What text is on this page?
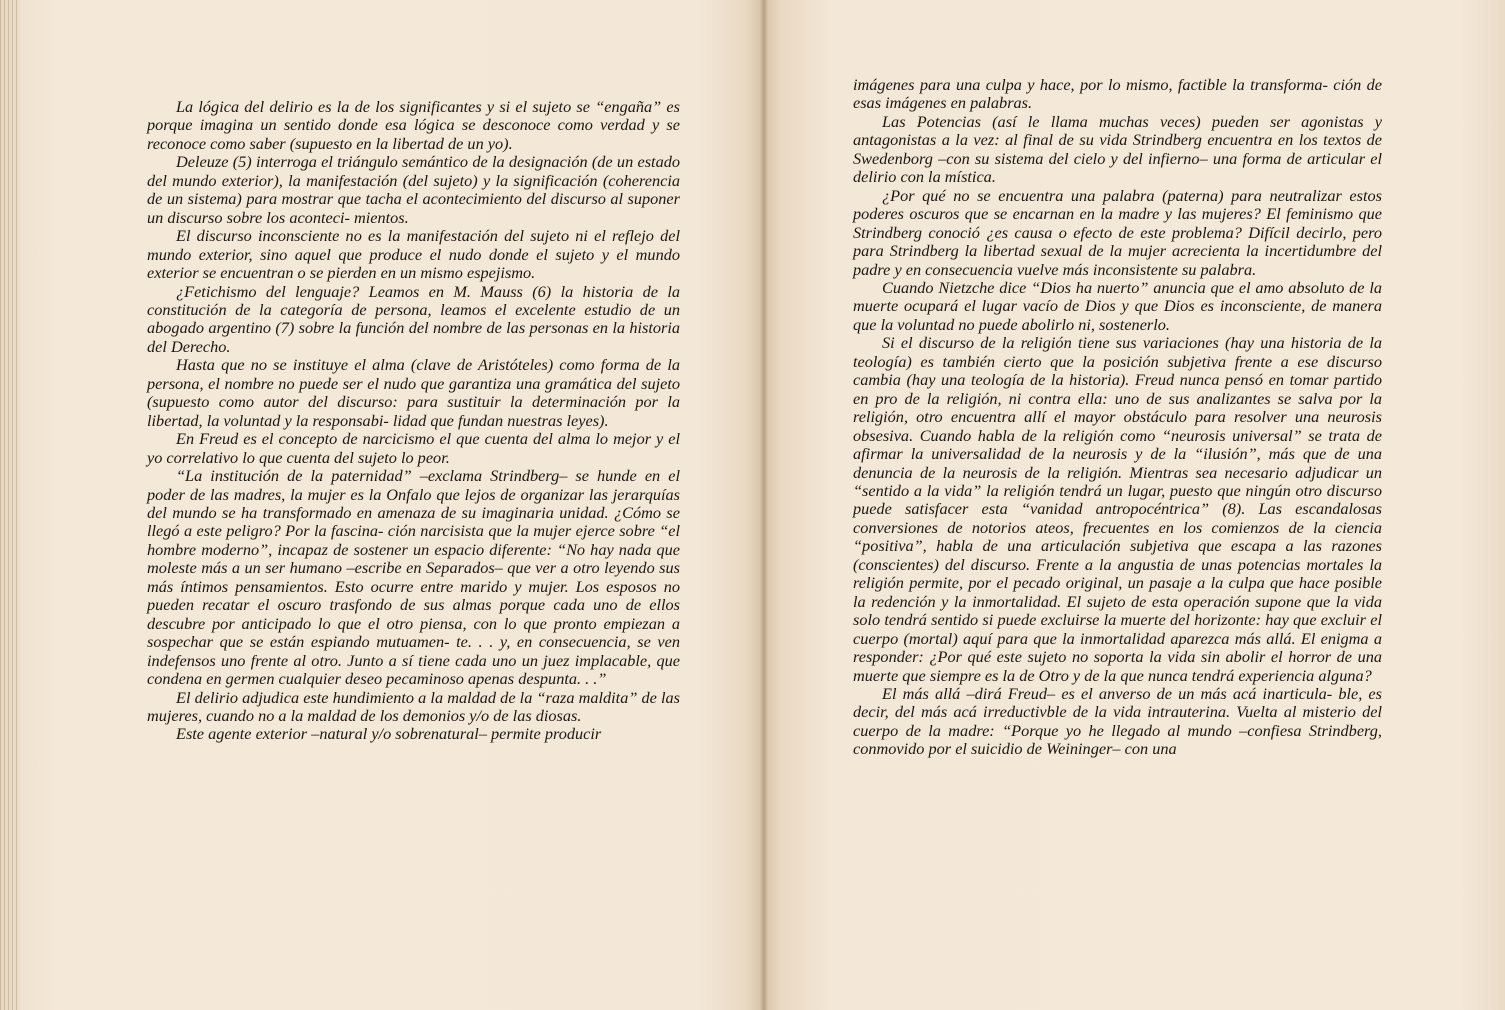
La lógica del delirio es la de los significantes y si el sujeto se “engaña” es porque imagina un sentido donde esa lógica se desconoce como verdad y se reconoce como saber (supuesto en la libertad de un yo).

Deleuze (5) interroga el triángulo semántico de la designación (de un estado del mundo exterior), la manifestación (del sujeto) y la significación (coherencia de un sistema) para mostrar que tacha el acontecimiento del discurso al suponer un discurso sobre los aconteci- mientos.

El discurso inconsciente no es la manifestación del sujeto ni el reflejo del mundo exterior, sino aquel que produce el nudo donde el sujeto y el mundo exterior se encuentran o se pierden en un mismo espejismo.

¿Fetichismo del lenguaje? Leamos en M. Mauss (6) la historia de la constitución de la categoría de persona, leamos el excelente estudio de un abogado argentino (7) sobre la función del nombre de las personas en la historia del Derecho.

Hasta que no se instituye el alma (clave de Aristóteles) como forma de la persona, el nombre no puede ser el nudo que garantiza una gramática del sujeto (supuesto como autor del discurso: para sustituir la determinación por la libertad, la voluntad y la responsabi- lidad que fundan nuestras leyes).

En Freud es el concepto de narcicismo el que cuenta del alma lo mejor y el yo correlativo lo que cuenta del sujeto lo peor.

“La institución de la paternidad” –exclama Strindberg– se hunde en el poder de las madres, la mujer es la Onfalo que lejos de organizar las jerarquías del mundo se ha transformado en amenaza de su imaginaria unidad. ¿Cómo se llegó a este peligro? Por la fascina- ción narcisista que la mujer ejerce sobre “el hombre moderno”, incapaz de sostener un espacio diferente: “No hay nada que moleste más a un ser humano –escribe en Separados– que ver a otro leyendo sus más íntimos pensamientos. Esto ocurre entre marido y mujer. Los esposos no pueden recatar el oscuro trasfondo de sus almas porque cada uno de ellos descubre por anticipado lo que el otro piensa, con lo que pronto empiezan a sospechar que se están espiando mutuamen- te. . . y, en consecuencia, se ven indefensos uno frente al otro. Junto a sí tiene cada uno un juez implacable, que condena en germen cualquier deseo pecaminoso apenas despunta. . .”

El delirio adjudica este hundimiento a la maldad de la “raza maldita” de las mujeres, cuando no a la maldad de los demonios y/o de las diosas.

Este agente exterior –natural y/o sobrenatural– permite producir

imágenes para una culpa y hace, por lo mismo, factible la transforma- ción de esas imágenes en palabras.

Las Potencias (así le llama muchas veces) pueden ser agonistas y antagonistas a la vez: al final de su vida Strindberg encuentra en los textos de Swedenborg –con su sistema del cielo y del infierno– una forma de articular el delirio con la mística.

¿Por qué no se encuentra una palabra (paterna) para neutralizar estos poderes oscuros que se encarnan en la madre y las mujeres? El feminismo que Strindberg conoció ¿es causa o efecto de este problema? Difícil decirlo, pero para Strindberg la libertad sexual de la mujer acrecienta la incertidumbre del padre y en consecuencia vuelve más inconsistente su palabra.

Cuando Nietzche dice “Dios ha nuerto” anuncia que el amo absoluto de la muerte ocupará el lugar vacío de Dios y que Dios es inconsciente, de manera que la voluntad no puede abolirlo ni, sostenerlo.

Si el discurso de la religión tiene sus variaciones (hay una historia de la teología) es también cierto que la posición subjetiva frente a ese discurso cambia (hay una teología de la historia). Freud nunca pensó en tomar partido en pro de la religión, ni contra ella: uno de sus analizantes se salva por la religión, otro encuentra allí el mayor obstáculo para resolver una neurosis obsesiva. Cuando habla de la religión como “neurosis universal” se trata de afirmar la universalidad de la neurosis y de la “ilusión”, más que de una denuncia de la neurosis de la religión. Mientras sea necesario adjudicar un “sentido a la vida” la religión tendrá un lugar, puesto que ningún otro discurso puede satisfacer esta “vanidad antropocéntrica” (8). Las escandalosas conversiones de notorios ateos, frecuentes en los comienzos de la ciencia “positiva”, habla de una articulación subjetiva que escapa a las razones (conscientes) del discurso. Frente a la angustia de unas potencias mortales la religión permite, por el pecado original, un pasaje a la culpa que hace posible la redención y la inmortalidad. El sujeto de esta operación supone que la vida solo tendrá sentido si puede excluirse la muerte del horizonte: hay que excluir el cuerpo (mortal) aquí para que la inmortalidad aparezca más allá. El enigma a responder: ¿Por qué este sujeto no soporta la vida sin abolir el horror de una muerte que siempre es la de Otro y de la que nunca tendrá experiencia alguna?

El más allá –dirá Freud– es el anverso de un más acá inarticula- ble, es decir, del más acá irreductivble de la vida intrauterina. Vuelta al misterio del cuerpo de la madre: “Porque yo he llegado al mundo –confiesa Strindberg, conmovido por el suicidio de Weininger– con una
